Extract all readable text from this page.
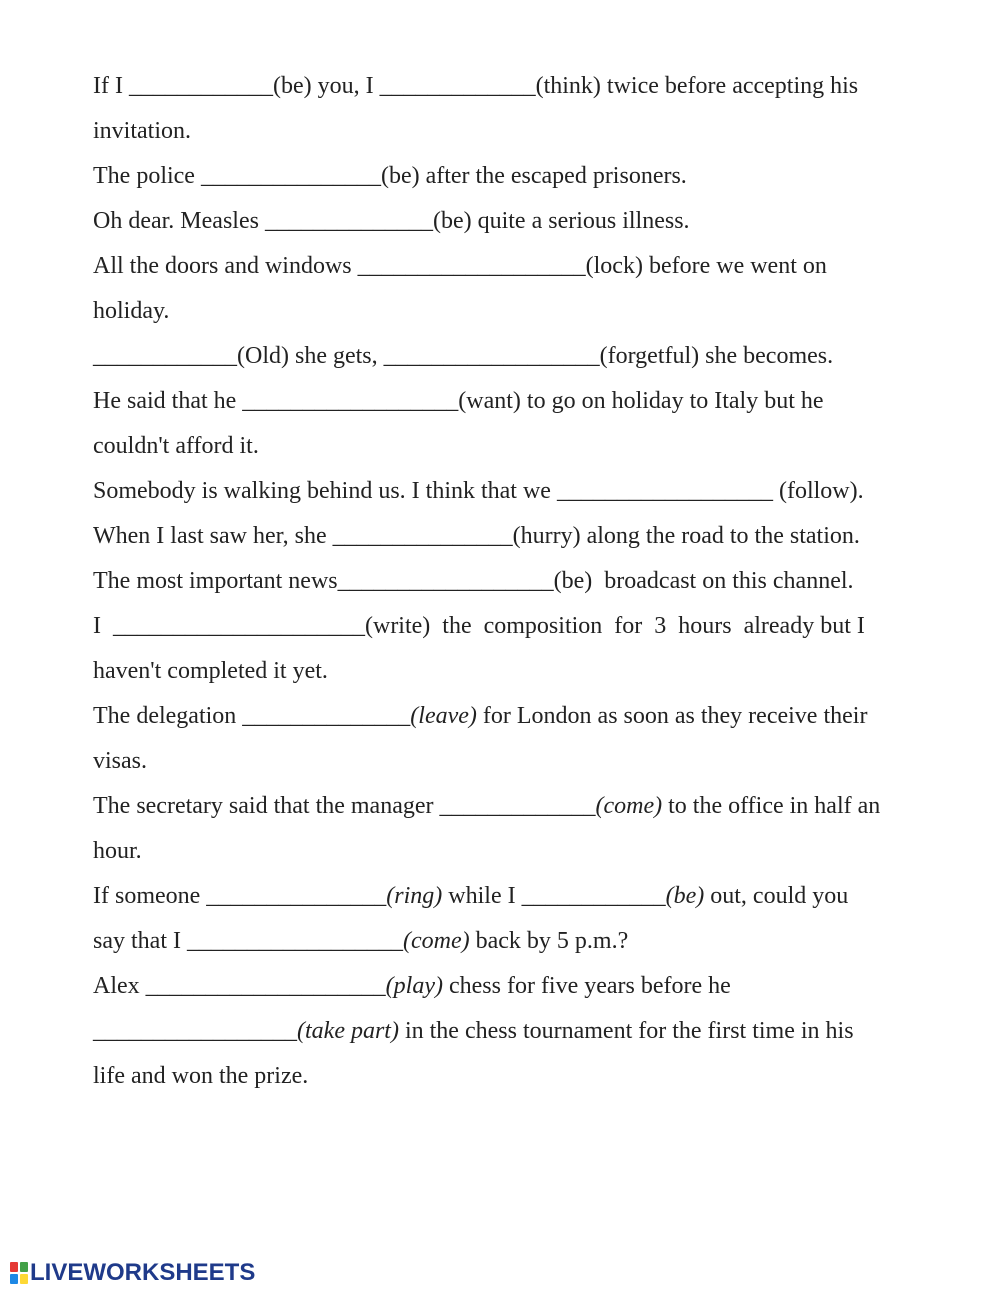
If I ____________(be) you, I _____________(think) twice before accepting his
invitation.
The police _______________(be) after the escaped prisoners.
Oh dear. Measles ______________(be) quite a serious illness.
All the doors and windows ___________________(lock) before we went on
holiday.
____________(Old) she gets, __________________(forgetful) she becomes.
He said that he __________________(want) to go on holiday to Italy but he
couldn't afford it.
Somebody is walking behind us. I think that we __________________ (follow).
When I last saw her, she _______________(hurry) along the road to the station.
The most important news__________________(be)  broadcast on this channel.
I  _____________________(write)  the  composition  for  3  hours  already but I
haven't completed it yet.
The delegation ______________(leave) for London as soon as they receive their
visas.
The secretary said that the manager _____________(come) to the office in half an
hour.
If someone _______________(ring) while I ____________(be) out, could you
say that I __________________(come) back by 5 p.m.?
Alex ____________________(play) chess for five years before he
_________________(take part) in the chess tournament for the first time in his
life and won the prize.
LIVEWORKSHEETS
